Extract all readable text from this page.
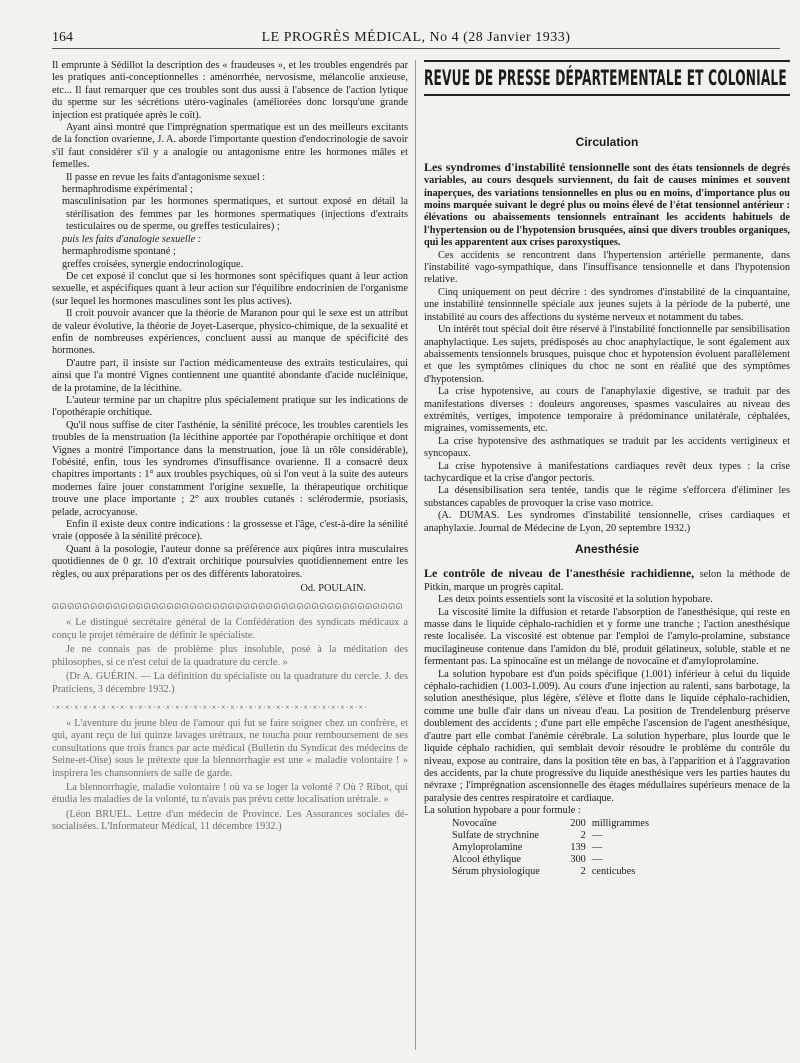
164	LE PROGRÈS MÉDICAL, No 4 (28 Janvier 1933)

Il emprunte à Sédillot la description des « fraudeuses », et les troubles engendrés par les pratiques anti-conceptionnelles : aménorrhée, nervosisme, mélancolie anxieuse, etc... Il faut remarquer que ces troubles sont dus aussi à l'absence de l'action lytique du sperme sur les sécrétions utéro-vaginales (améliorées donc lorsqu'une grande injection est pratiquée après le coït).

Ayant ainsi montré que l'imprégnation spermatique est un des meilleurs excitants de la fonction ovarienne, J. A. aborde l'importante question d'endocrinologie de savoir s'il faut considérer s'il y a analogie ou antagonisme entre les hormones mâles et femelles.

Il passe en revue les faits d'antagonisme sexuel :

hermaphrodisme expérimental ;

masculinisation par les hormones spermatiques, et surtout exposé en détail la stérilisation des femmes par les hormones spermatiques (injections d'extraits testiculaires ou de sperme, ou greffes testiculaires) ;

puis les faits d'analogie sexuelle :

hermaphrodisme spontané ;

greffes croisées, synergie endocrinologique.

De cet exposé il conclut que si les hormones sont spécifiques quant à leur action sexuelle, et aspécifiques quant à leur action sur l'équilibre endocrinien de l'organisme (sur lequel les hormones masculines sont les plus actives).

Il croit pouvoir avancer que la théorie de Maranon pour qui le sexe est un attribut de valeur évolutive, la théorie de Joyet-Laserque, physico-chimique, de la sexualité et enfin de nombreuses expériences, concluent aussi au manque de spécificité des hormones.

D'autre part, il insiste sur l'action médicamenteuse des extraits testiculaires, qui ainsi que l'a montré Vignes contiennent une quantité abondante d'acide nucléinique, de la protamine, de la lécithine.

L'auteur termine par un chapitre plus spécialement pratique sur les indications de l'opothérapie orchitique.

Qu'il nous suffise de citer l'asthénie, la sénilité précoce, les troubles carentiels les troubles de la menstruation (la lécithine apportée par l'opothérapie orchitique et dont Vignes a montré l'importance dans la menstruation, joue là un rôle considérable), l'obésité, enfin, tous les syndromes d'insuffisance ovarienne. Il a consacré deux chapitres importants : 1° aux troubles psychiques, où si l'on veut à la suite des auteurs modernes faire jouer constamment l'origine sexuelle, la thérapeutique orchitique trouve une place importante ; 2° aux troubles cutanés : sclérodermie, psoriasis, pelade, acrocyanose.

Enfin il existe deux contre indications : la grossesse et l'âge, c'est-à-dire la sénilité vraie (opposée à la sénilité précoce).

Quant à la posologie, l'auteur donne sa préférence aux piqûres intra musculaires quotidiennes de 0 gr. 10 d'extrait orchitique poursuivies quotidiennement entre les règles, ou aux préparations per os des différents laboratoires.

Od. POULAIN.

ᘏᘏᘏᘏᘏᘏᘏᘏᘏᘏᘏᘏᘏᘏᘏᘏᘏᘏᘏᘏᘏᘏᘏᘏᘏᘏᘏᘏᘏᘏᘏᘏᘏᘏᘏᘏᘏᘏᘏᘏᘏᘏᘏᘏᘏᘏ

« Le distingué secrétaire général de la Confédération des syndicats médicaux a conçu le projet téméraire de définir le spécialiste.

Je ne connais pas de problème plus insoluble, posé à la méditation des philosophes, si ce n'est celui de la quadrature du cercle. »

(Dr A. GUÉRIN. — La définition du spécialiste ou la quadrature du cercle. J. des Praticiens, 3 décembre 1932.)

·×·×·×·×·×·×·×·×·×·×·×·×·×·×·×·×·×·×·×·×·×·×·×·×·×·×·×·×·×·×·×·×·×·×·

« L'aventure du jeune bleu de l'amour qui fut se faire soigner chez un confrère, et qui, ayant reçu de lui quinze lavages urétraux, ne toucha pour remboursement de ses consultations que trois francs par acte médical (Bulletin du Syndicat des médecins de Seine-et-Oise) sous le prétexte que la blennorrhagie est une « maladie volontaire ! » inspirera les chansonniers de salle de garde.

La blennorrhagie, maladie volontaire ! où va se loger la volonté ? Où ? Ribot, qui étudia les maladies de la volonté, tu n'avais pas prévu cette localisation urétrale. »

(Léon BRUEL. Lettre d'un médecin de Province. Les Assurances sociales dé-socialisées. L'Informateur Médical, 11 décembre 1932.)

REVUE DE PRESSE DÉPARTEMENTALE ET COLONIALE
Circulation

Les syndromes d'instabilité tensionnelle sont des états tensionnels de degrés variables, au cours desquels surviennent, du fait de causes minimes et souvent inaperçues, des variations tensionnelles en plus ou en moins, d'importance plus ou moins marquée suivant le degré plus ou moins élevé de l'état tensionnel antérieur : élévations ou abaissements tensionnels entraînant les accidents habituels de l'hypertension ou de l'hypotension brusquées, ainsi que divers troubles organiques, qui les apparentent aux crises paroxystiques.

Ces accidents se rencontrent dans l'hypertension artérielle permanente, dans l'instabilité vago-sympathique, dans l'insuffisance tensionnelle et dans l'hypotension relative.

Cinq uniquement on peut décrire : des syndromes d'instabilité de la cinquantaine, une instabilité tensionnelle spéciale aux jeunes sujets à la période de la puberté, une instabilité au cours des affections du système nerveux et notamment du tabes.

Un intérêt tout spécial doit être réservé à l'instabilité fonctionnelle par sensibilisation anaphylactique. Les sujets, prédisposés au choc anaphylactique, le sont également aux abaissements tensionnels brusques, puisque choc et hypotension évoluent parallèlement et que les symptômes cliniques du choc ne sont en réalité que des symptômes d'hypotension.

La crise hypotensive, au cours de l'anaphylaxie digestive, se traduit par des manifestations diverses : douleurs angoreuses, spasmes vasculaires au niveau des extrémités, vertiges, impotence temporaire à prédominance unilatérale, céphalées, migraines, vomissements, etc.

La crise hypotensive des asthmatiques se traduit par les accidents vertigineux et syncopaux.

La crise hypotensive à manifestations cardiaques revêt deux types : la crise tachycardique et la crise d'angor pectoris.

La désensibilisation sera tentée, tandis que le régime s'efforcera d'éliminer les substances capables de provoquer la crise vaso motrice.

(A. DUMAS. Les syndromes d'instabilité tensionnelle, crises cardiaques et anaphylaxie. Journal de Médecine de Lyon, 20 septembre 1932.)

Anesthésie

Le contrôle de niveau de l'anesthésie rachidienne, selon la méthode de Pitkin, marque un progrès capital.

Les deux points essentiels sont la viscosité et la solution hypobare.

La viscosité limite la diffusion et retarde l'absorption de l'anesthésique, qui reste en masse dans le liquide céphalo-rachidien et y forme une tranche ; l'action anesthésique reste localisée. La viscosité est obtenue par l'emploi de l'amylo-prolamine, substance mucilagineuse contenue dans l'amidon du blé, produit gélatineux, soluble, stable et ne fermentant pas. La spinocaïne est un mélange de novocaïne et d'amyloprolamine.

La solution hypobare est d'un poids spécifique (1.001) inférieur à celui du liquide céphalo-rachidien (1.003-1.009). Au cours d'une injection au ralenti, sans barbotage, la solution anesthésique, plus légère, s'élève et flotte dans le liquide céphalo-rachidien, comme une bulle d'air dans un niveau d'eau. La position de Trendelenburg préserve doublement des accidents ; d'une part elle empêche l'ascension de l'agent anesthésique, d'autre part elle combat l'anémie cérébrale. La solution hyperbare, plus lourde que le liquide céphalo rachidien, qui semblait devoir résoudre le problème du contrôle du niveau, expose au contraire, dans la position tête en bas, à l'apparition et à l'aggravation des accidents, par la chute progressive du liquide anesthésique vers les parties hautes du névraxe ; l'imprégnation ascensionnelle des étages médullaires supérieurs menace de la paralysie des centres respiratoire et cardiaque.

La solution hypobare a pour formule :

Novocaïne	200	milligrammes
Sulfate de strychnine	2	—
Amyloprolamine	139	—
Alcool éthylique	300	—
Sérum physiologique	2	centicubes
